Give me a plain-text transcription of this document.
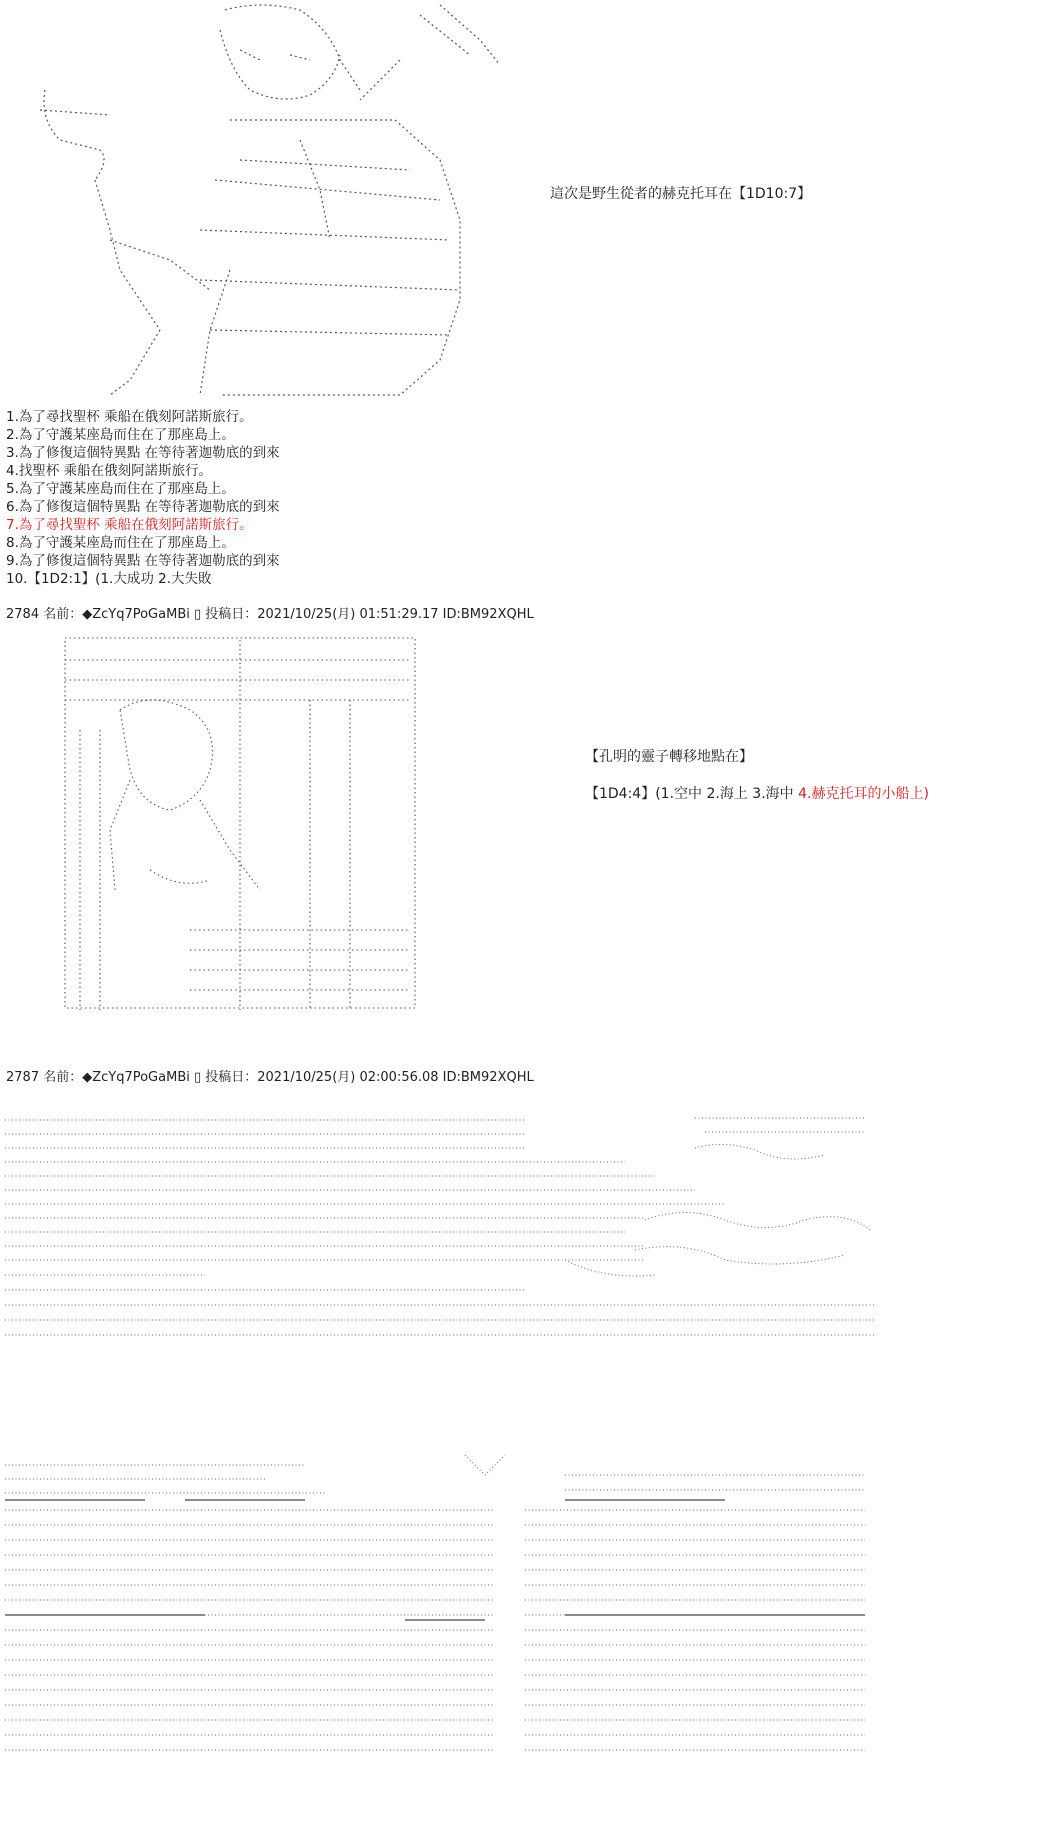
這次是野生從者的赫克托耳在【1D10:7】
1.為了尋找聖杯 乘船在俄刻阿諾斯旅行。
2.為了守護某座島而住在了那座島上。
3.為了修復這個特異點 在等待著迦勒底的到來
4.找聖杯 乘船在俄刻阿諾斯旅行。
5.為了守護某座島而住在了那座島上。
6.為了修復這個特異點 在等待著迦勒底的到來
7.為了尋找聖杯 乘船在俄刻阿諾斯旅行。
8.為了守護某座島而住在了那座島上。
9.為了修復這個特異點 在等待著迦勒底的到來
10.【1D2:1】(1.大成功 2.大失敗
2784 名前：◆ZcYq7PoGaMBi ▯ 投稿日：2021/10/25(月) 01:51:29.17 ID:BM92XQHL
【孔明的靈子轉移地點在】
【1D4:4】(1.空中 2.海上 3.海中 4.赫克托耳的小船上)
2787 名前：◆ZcYq7PoGaMBi ▯ 投稿日：2021/10/25(月) 02:00:56.08 ID:BM92XQHL
